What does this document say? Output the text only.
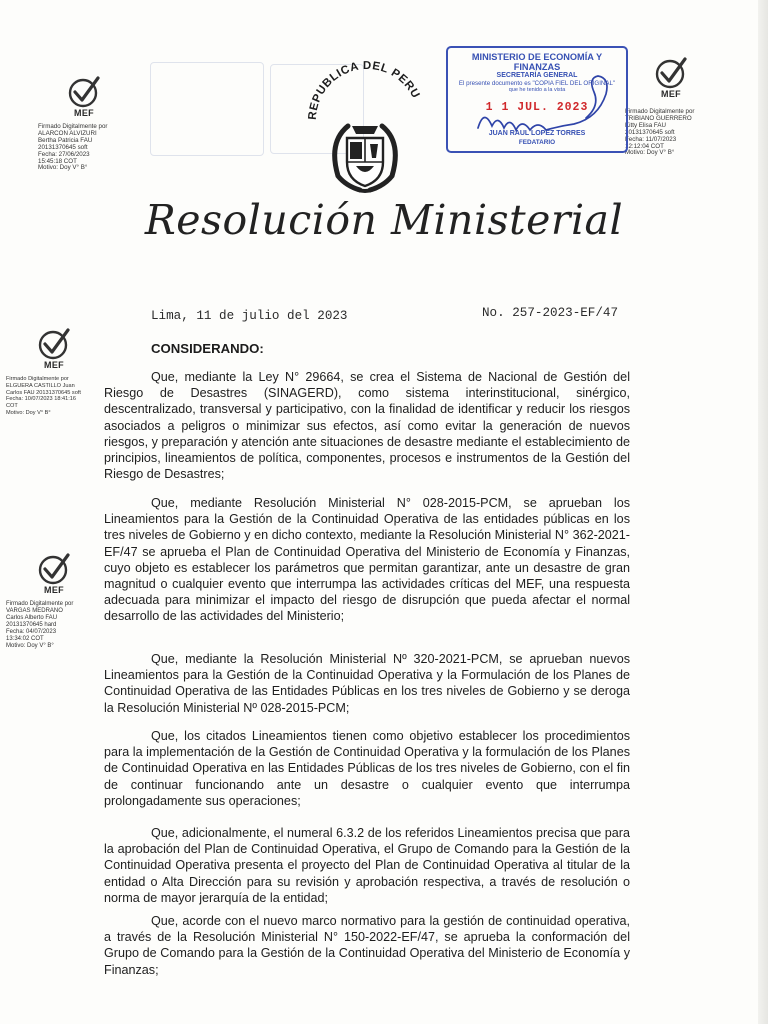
MEF
Firmado Digitalmente por
ALARCON ALVIZURI
Bertha Patricia FAU
20131370645 soft
Fecha: 27/06/2023
15:45:18 COT
Motivo: Doy V° B°
MEF
Firmado Digitalmente por
TRIBIANO GUERRERO
Kitty Elisa FAU
20131370645 soft
Fecha: 11/07/2023
12:12:04 COT
Motivo: Doy V° B°
MEF
Firmado Digitalmente por
ELGUERA CASTILLO Juan
Carlos FAU 20131370645 soft
Fecha: 10/07/2023 18:41:16
COT
Motivo: Doy V° B°
MEF
Firmado Digitalmente por
VARGAS MEDRANO
Carlos Alberto FAU
20131370645 hard
Fecha: 04/07/2023
13:34:02 COT
Motivo: Doy V° B°
REPUBLICA DEL PERU
MINISTERIO DE ECONOMÍA Y FINANZAS
SECRETARÍA GENERAL
El presente documento es "COPIA FIEL DEL ORIGINAL"
que he tenido a la vista
1 1 JUL. 2023
JUAN RAUL LOPEZ TORRES
FEDATARIO
Resolución Ministerial
Lima, 11 de julio del 2023	No. 257-2023-EF/47
CONSIDERANDO:
Que, mediante la Ley N° 29664, se crea el Sistema de Nacional de Gestión del Riesgo de Desastres (SINAGERD), como sistema interinstitucional, sinérgico, descentralizado, transversal y participativo, con la finalidad de identificar y reducir los riesgos asociados a peligros o minimizar sus efectos, así como evitar la generación de nuevos riesgos, y preparación y atención ante situaciones de desastre mediante el establecimiento de principios, lineamientos de política, componentes, procesos e instrumentos de la Gestión del Riesgo de Desastres;
Que, mediante Resolución Ministerial N° 028-2015-PCM, se aprueban los Lineamientos para la Gestión de la Continuidad Operativa de las entidades públicas en los tres niveles de Gobierno y en dicho contexto, mediante la Resolución Ministerial N° 362-2021-EF/47 se aprueba el Plan de Continuidad Operativa del Ministerio de Economía y Finanzas, cuyo objeto es establecer los parámetros que permitan garantizar, ante un desastre de gran magnitud o cualquier evento que interrumpa las actividades críticas del MEF, una respuesta adecuada para minimizar el impacto del riesgo de disrupción que pueda afectar el normal desarrollo de las actividades del Ministerio;
Que, mediante la Resolución Ministerial Nº 320-2021-PCM, se aprueban nuevos Lineamientos para la Gestión de la Continuidad Operativa y la Formulación de los Planes de Continuidad Operativa de las Entidades Públicas en los tres niveles de Gobierno y se deroga la Resolución Ministerial Nº 028-2015-PCM;
Que, los citados Lineamientos tienen como objetivo establecer los procedimientos para la implementación de la Gestión de Continuidad Operativa y la formulación de los Planes de Continuidad Operativa en las Entidades Públicas de los tres niveles de Gobierno, con el fin de continuar funcionando ante un desastre o cualquier evento que interrumpa prolongadamente sus operaciones;
Que, adicionalmente, el numeral 6.3.2 de los referidos Lineamientos precisa que para la aprobación del Plan de Continuidad Operativa, el Grupo de Comando para la Gestión de la Continuidad Operativa presenta el proyecto del Plan de Continuidad Operativa al titular de la entidad o Alta Dirección para su revisión y aprobación respectiva, a través de resolución o norma de mayor jerarquía de la entidad;
Que, acorde con el nuevo marco normativo para la gestión de continuidad operativa, a través de la Resolución Ministerial N° 150-2022-EF/47, se aprueba la conformación del Grupo de Comando para la Gestión de la Continuidad Operativa del Ministerio de Economía y Finanzas;
